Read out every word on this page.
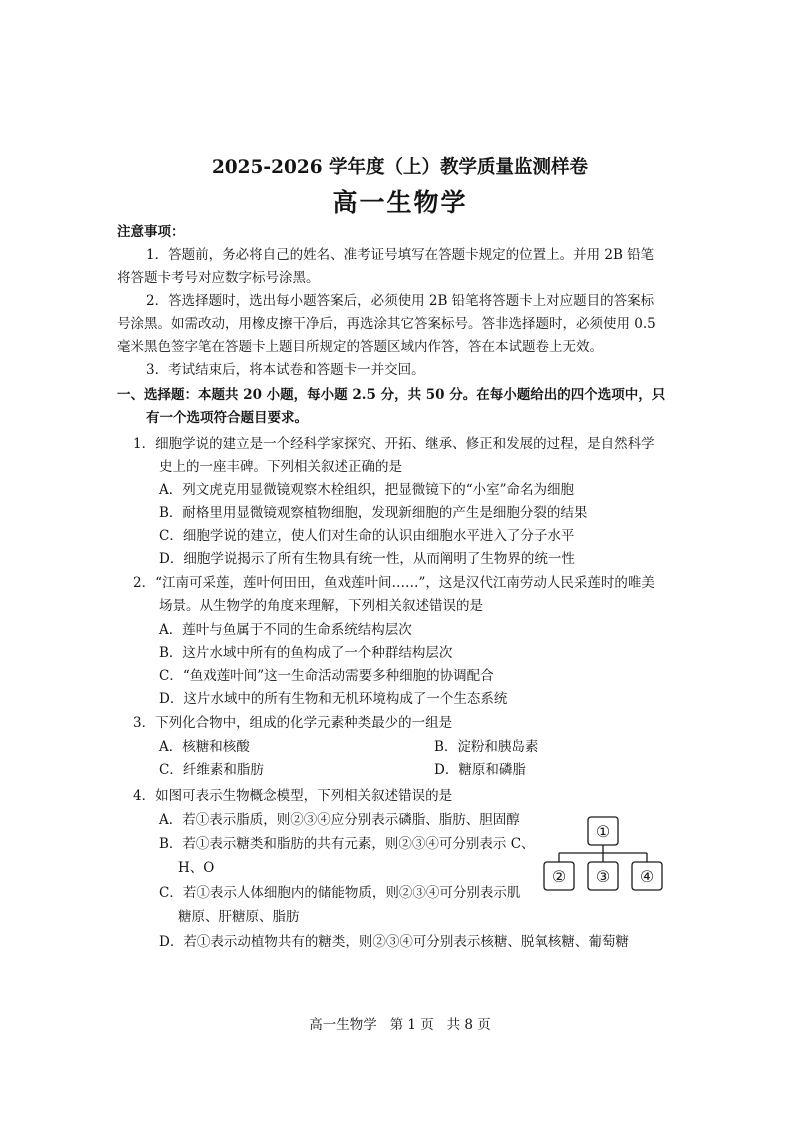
2025-2026 学年度（上）教学质量监测样卷
高一生物学
注意事项：
1．答题前，务必将自己的姓名、准考证号填写在答题卡规定的位置上。并用 2B 铅笔
将答题卡考号对应数字标号涂黑。
2．答选择题时，选出每小题答案后，必须使用 2B 铅笔将答题卡上对应题目的答案标
号涂黑。如需改动，用橡皮擦干净后，再选涂其它答案标号。答非选择题时，必须使用 0.5
毫米黑色签字笔在答题卡上题目所规定的答题区域内作答，答在本试题卷上无效。
3．考试结束后，将本试卷和答题卡一并交回。
一、选择题：本题共 20 小题，每小题 2.5 分，共 50 分。在每小题给出的四个选项中，只
有一个选项符合题目要求。
1．细胞学说的建立是一个经科学家探究、开拓、继承、修正和发展的过程，是自然科学
史上的一座丰碑。下列相关叙述正确的是
A．列文虎克用显微镜观察木栓组织，把显微镜下的“小室”命名为细胞
B．耐格里用显微镜观察植物细胞，发现新细胞的产生是细胞分裂的结果
C．细胞学说的建立，使人们对生命的认识由细胞水平进入了分子水平
D．细胞学说揭示了所有生物具有统一性，从而阐明了生物界的统一性
2．“江南可采莲，莲叶何田田，鱼戏莲叶间……”，这是汉代江南劳动人民采莲时的唯美
场景。从生物学的角度来理解，下列相关叙述错误的是
A．莲叶与鱼属于不同的生命系统结构层次
B．这片水域中所有的鱼构成了一个种群结构层次
C．“鱼戏莲叶间”这一生命活动需要多种细胞的协调配合
D．这片水域中的所有生物和无机环境构成了一个生态系统
3．下列化合物中，组成的化学元素种类最少的一组是
A．核糖和核酸	B．淀粉和胰岛素
C．纤维素和脂肪	D．糖原和磷脂
4．如图可表示生物概念模型，下列相关叙述错误的是
A．若①表示脂质，则②③④应分别表示磷脂、脂肪、胆固醇
B．若①表示糖类和脂肪的共有元素，则②③④可分别表示 C、
H、O
C．若①表示人体细胞内的储能物质，则②③④可分别表示肌
糖原、肝糖原、脂肪
D．若①表示动植物共有的糖类，则②③④可分别表示核糖、脱氧核糖、葡萄糖
①
② ③ ④
高一生物学   第 1 页   共 8 页
